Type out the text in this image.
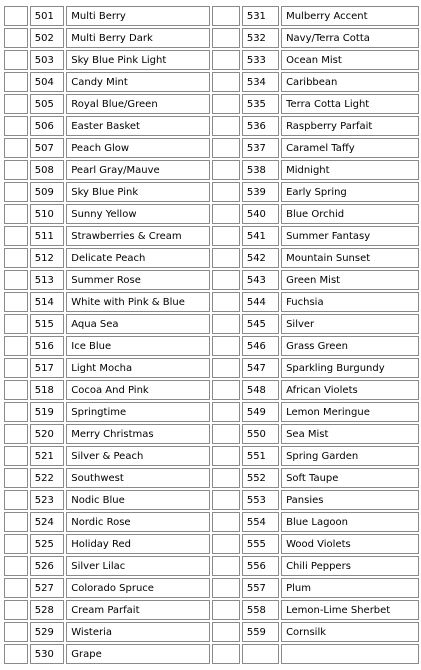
	501	Multi Berry		531	Mulberry Accent
	502	Multi Berry Dark		532	Navy/Terra Cotta
	503	Sky Blue Pink Light		533	Ocean Mist
	504	Candy Mint		534	Caribbean
	505	Royal Blue/Green		535	Terra Cotta Light
	506	Easter Basket		536	Raspberry Parfait
	507	Peach Glow		537	Caramel Taffy
	508	Pearl Gray/Mauve		538	Midnight
	509	Sky Blue Pink		539	Early Spring
	510	Sunny Yellow		540	Blue Orchid
	511	Strawberries & Cream		541	Summer Fantasy
	512	Delicate Peach		542	Mountain Sunset
	513	Summer Rose		543	Green Mist
	514	White with Pink & Blue		544	Fuchsia
	515	Aqua Sea		545	Silver
	516	Ice Blue		546	Grass Green
	517	Light Mocha		547	Sparkling Burgundy
	518	Cocoa And Pink		548	African Violets
	519	Springtime		549	Lemon Meringue
	520	Merry Christmas		550	Sea Mist
	521	Silver & Peach		551	Spring Garden
	522	Southwest		552	Soft Taupe
	523	Nodic Blue		553	Pansies
	524	Nordic Rose		554	Blue Lagoon
	525	Holiday Red		555	Wood Violets
	526	Silver Lilac		556	Chili Peppers
	527	Colorado Spruce		557	Plum
	528	Cream Parfait		558	Lemon-Lime Sherbet
	529	Wisteria		559	Cornsilk
	530	Grape			
